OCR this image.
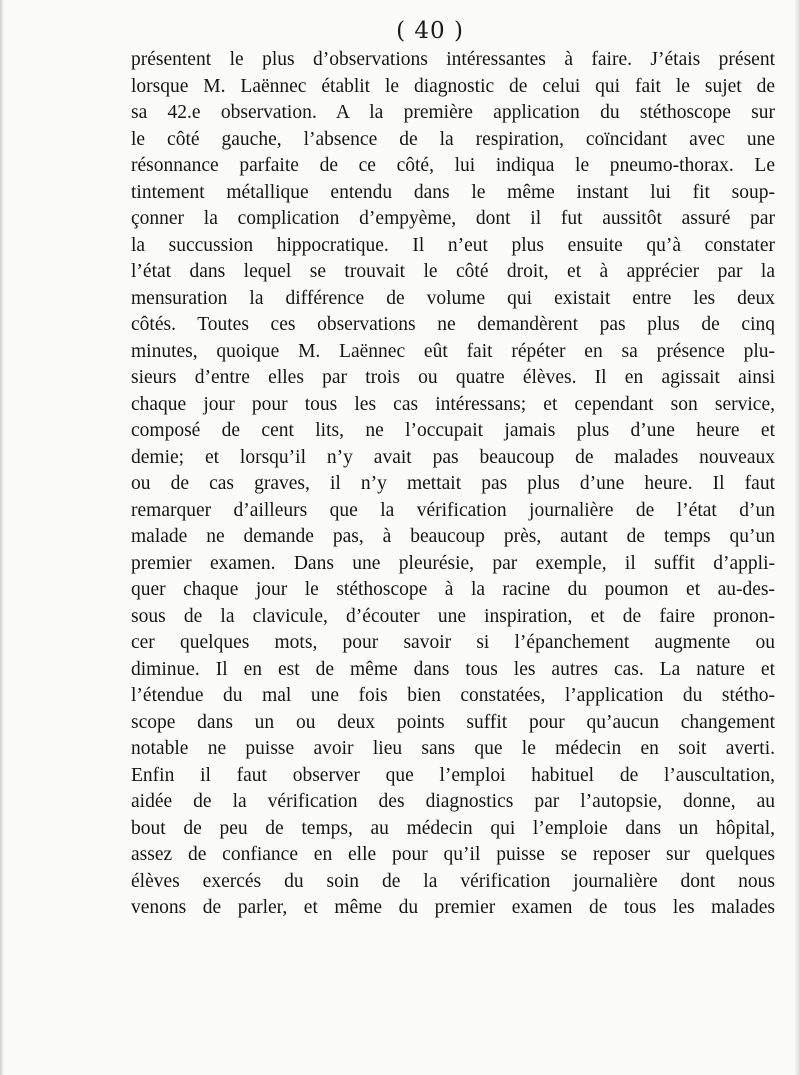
( 40 )
présentent le plus d’observations intéressantes à faire. J’étais présent
lorsque M. Laënnec établit le diagnostic de celui qui fait le sujet de
sa 42.e observation. A la première application du stéthoscope sur
le côté gauche, l’absence de la respiration, coïncidant avec une
résonnance parfaite de ce côté, lui indiqua le pneumo-thorax. Le
tintement métallique entendu dans le même instant lui fit soup-
çonner la complication d’empyème, dont il fut aussitôt assuré par
la succussion hippocratique. Il n’eut plus ensuite qu’à constater
l’état dans lequel se trouvait le côté droit, et à apprécier par la
mensuration la différence de volume qui existait entre les deux
côtés. Toutes ces observations ne demandèrent pas plus de cinq
minutes, quoique M. Laënnec eût fait répéter en sa présence plu-
sieurs d’entre elles par trois ou quatre élèves. Il en agissait ainsi
chaque jour pour tous les cas intéressans; et cependant son service,
composé de cent lits, ne l’occupait jamais plus d’une heure et
demie; et lorsqu’il n’y avait pas beaucoup de malades nouveaux
ou de cas graves, il n’y mettait pas plus d’une heure. Il faut
remarquer d’ailleurs que la vérification journalière de l’état d’un
malade ne demande pas, à beaucoup près, autant de temps qu’un
premier examen. Dans une pleurésie, par exemple, il suffit d’appli-
quer chaque jour le stéthoscope à la racine du poumon et au-des-
sous de la clavicule, d’écouter une inspiration, et de faire pronon-
cer quelques mots, pour savoir si l’épanchement augmente ou
diminue. Il en est de même dans tous les autres cas. La nature et
l’étendue du mal une fois bien constatées, l’application du stétho-
scope dans un ou deux points suffit pour qu’aucun changement
notable ne puisse avoir lieu sans que le médecin en soit averti.
Enfin il faut observer que l’emploi habituel de l’auscultation,
aidée de la vérification des diagnostics par l’autopsie, donne, au
bout de peu de temps, au médecin qui l’emploie dans un hôpital,
assez de confiance en elle pour qu’il puisse se reposer sur quelques
élèves exercés du soin de la vérification journalière dont nous
venons de parler, et même du premier examen de tous les malades
